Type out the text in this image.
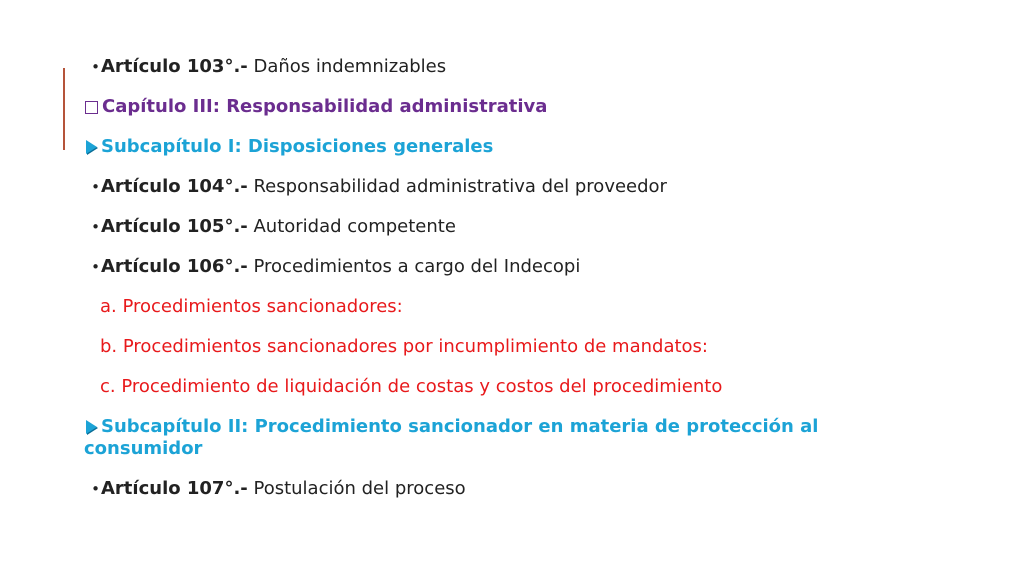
• Artículo 103°.- Daños indemnizables
Capítulo III: Responsabilidad administrativa
Subcapítulo I: Disposiciones generales
• Artículo 104°.- Responsabilidad administrativa del proveedor
• Artículo 105°.- Autoridad competente
• Artículo 106°.- Procedimientos a cargo del Indecopi
a. Procedimientos sancionadores:
b. Procedimientos sancionadores por incumplimiento de mandatos:
c. Procedimiento de liquidación de costas y costos del procedimiento
Subcapítulo II: Procedimiento sancionador en materia de protección al
consumidor
• Artículo 107°.- Postulación del proceso
